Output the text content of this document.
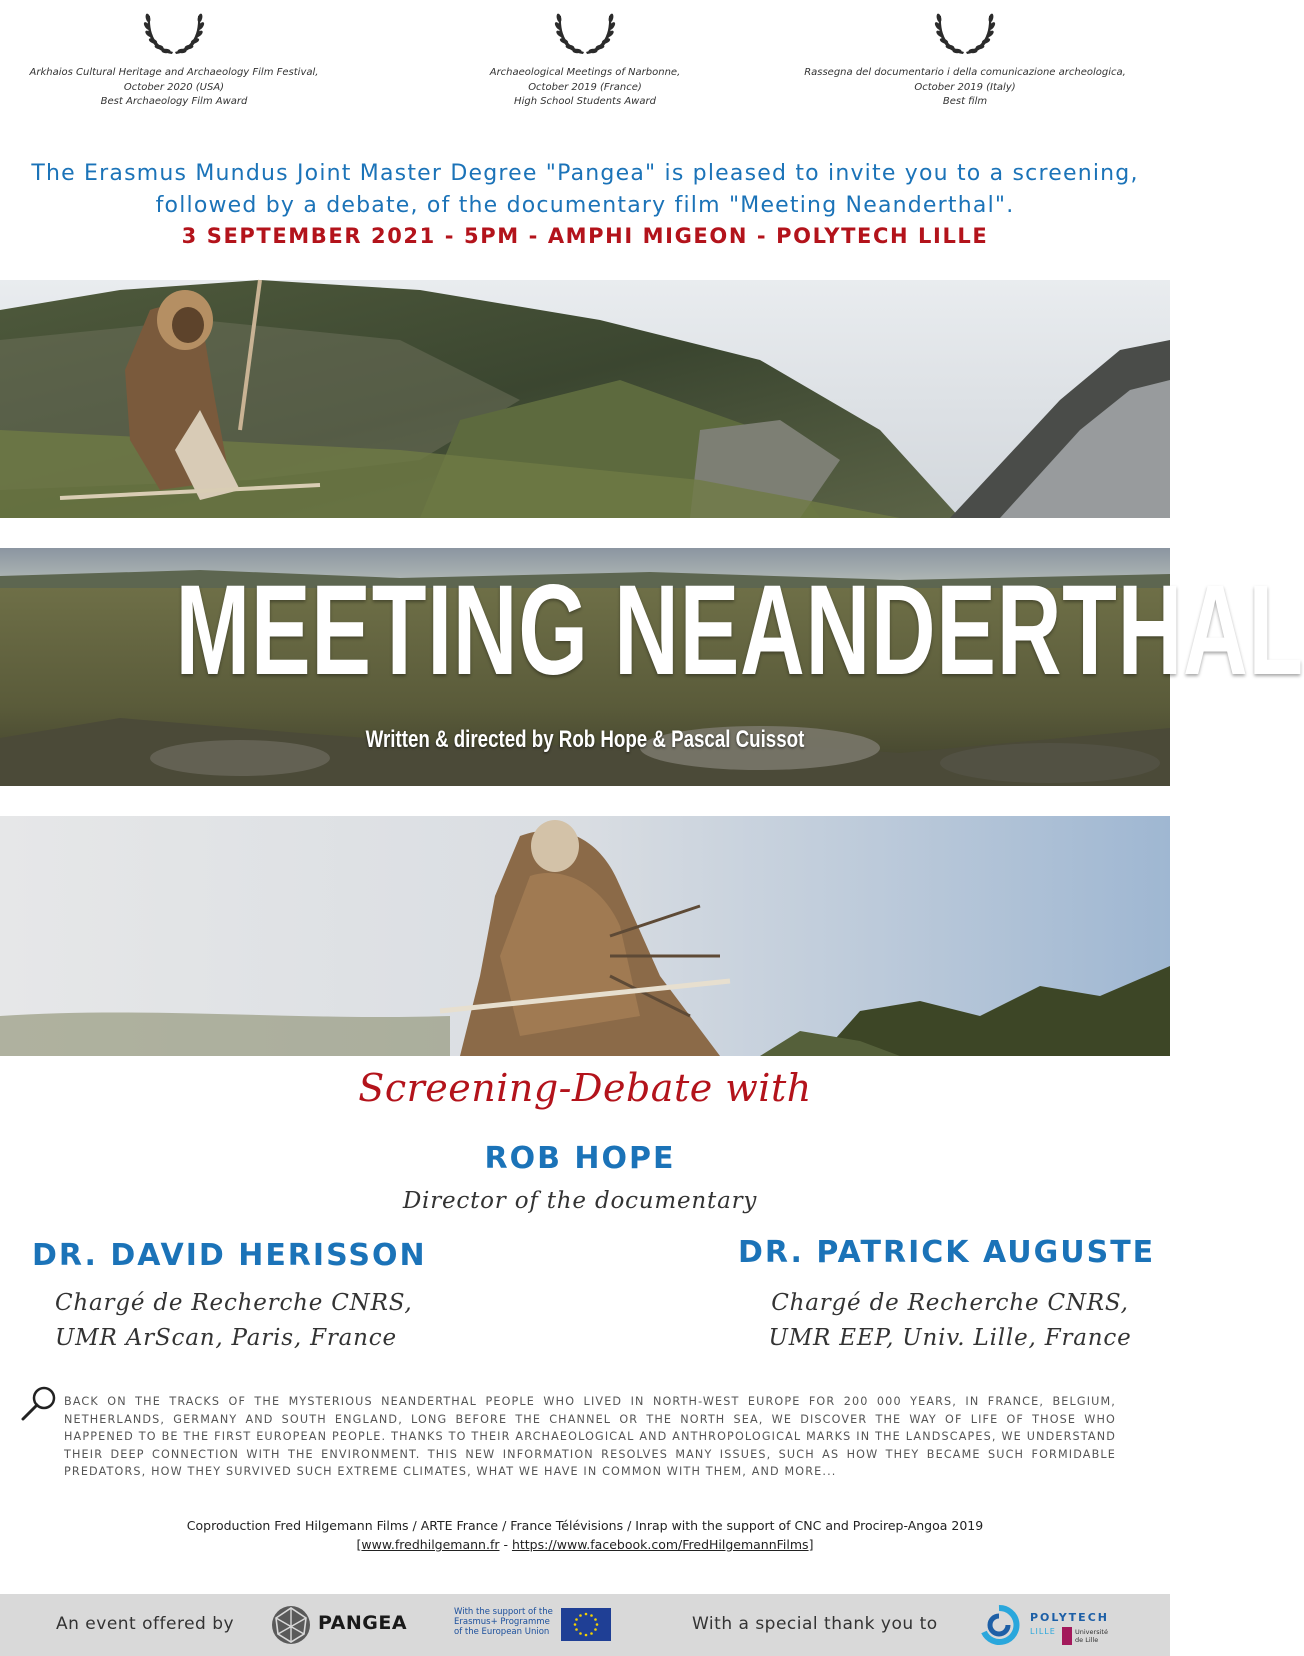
Arkhaios Cultural Heritage and Archaeology Film Festival,
October 2020 (USA)
Best Archaeology Film Award
Archaeological Meetings of Narbonne,
October 2019 (France)
High School Students Award
Rassegna del documentario i della comunicazione archeologica,
October 2019 (Italy)
Best film
The Erasmus Mundus Joint Master Degree "Pangea" is pleased to invite you to a screening,
followed by a debate, of the documentary film "Meeting Neanderthal".
3 SEPTEMBER 2021 - 5PM - AMPHI MIGEON - POLYTECH LILLE
MEETING NEANDERTHAL
Written & directed by Rob Hope & Pascal Cuissot
Screening-Debate with
ROB HOPE
Director of the documentary
DR. DAVID HERISSON
Chargé de Recherche CNRS,
UMR ArScan, Paris, France
DR. PATRICK AUGUSTE
Chargé de Recherche CNRS,
UMR EEP, Univ. Lille, France
BACK ON THE TRACKS OF THE MYSTERIOUS NEANDERTHAL PEOPLE WHO LIVED IN NORTH-WEST EUROPE FOR 200 000 YEARS, IN FRANCE, BELGIUM, NETHERLANDS, GERMANY AND SOUTH ENGLAND, LONG BEFORE THE CHANNEL OR THE NORTH SEA, WE DISCOVER THE WAY OF LIFE OF THOSE WHO HAPPENED TO BE THE FIRST EUROPEAN PEOPLE. THANKS TO THEIR ARCHAEOLOGICAL AND ANTHROPOLOGICAL MARKS IN THE LANDSCAPES, WE UNDERSTAND THEIR DEEP CONNECTION WITH THE ENVIRONMENT. THIS NEW INFORMATION RESOLVES MANY ISSUES, SUCH AS HOW THEY BECAME SUCH FORMIDABLE PREDATORS, HOW THEY SURVIVED SUCH EXTREME CLIMATES, WHAT WE HAVE IN COMMON WITH THEM, AND MORE...
Coproduction Fred Hilgemann Films / ARTE France / France Télévisions / Inrap with the support of CNC and Procirep-Angoa 2019
[www.fredhilgemann.fr - https://www.facebook.com/FredHilgemannFilms]
An event offered by	PANGEA	With the support of the
Erasmus+ Programme
of the European Union	With a special thank you to	POLYTECH
LILLE	Université
de Lille
